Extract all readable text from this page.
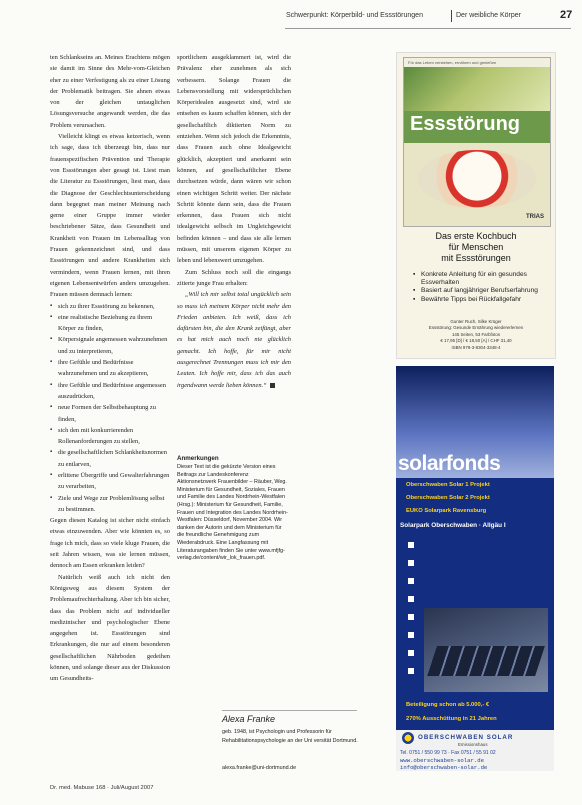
Schwerpunkt: Körperbild- und Essstörungen	Der weibliche Körper	27

ten Schlankseins an. Meines Erachtens mögen sie damit im Sinne des Mehr-vom-Gleichen eher zu einer Verfestigung als zu einer Lösung der Problematik beitragen. Sie ahnen etwas von der gleichen untauglichen Lösungsversuche angewandt werden, die das Problem verursachen.

Vielleicht klingt es etwas ketzerisch, wenn ich sage, dass ich überzeugt bin, dass nur frauenspezifischen Prävention und Therapie von Essstörungen aber gesagt ist. Liest man die Literatur zu Essstörungen, liest man, dass die Diagnose der Geschlechtsunterscheidung dann begegnet man meiner Meinung nach gerne einer Gruppe immer wieder beschriebener Sätze, dass Gesundheit und Krankheit von Frauen im Lebensalltag von Frauen gekennzeichnet sind, und dass Essstörungen und andere Krankheiten sich vermindern, wenn Frauen lernen, mit ihren eigenen Lebensentwürfen anders umzugehen. Frauen müssen demnach lernen:

▪ sich zu ihrer Essstörung zu bekennen,
▪ eine realistische Beziehung zu ihrem Körper zu finden,
▪ Körpersignale angemessen wahrzunehmen und zu interpretieren,
▪ ihre Gefühle und Bedürfnisse wahrzunehmen und zu akzeptieren,
▪ ihre Gefühle und Bedürfnisse angemessen auszudrücken,
▪ neue Formen der Selbstbehauptung zu finden,
▪ sich den mit konkurrierenden Rollenanforderungen zu stellen,
▪ die gesellschaftlichen Schlankheitsnormen zu entlarven,
▪ erlittene Übergriffe und Gewalterfahrungen zu verarbeiten,
▪ Ziele und Wege zur Problemlösung selbst zu bestimmen.

Gegen diesen Katalog ist sicher nicht einfach etwas einzuwenden. Aber wie könnten es, so frage ich mich, dass so viele kluge Frauen, die seit Jahren wissen, was sie lernen müssen, dennoch am Essen erkranken leiden?

Natürlich weiß auch ich nicht den Königsweg aus diesem System der Problemaufrechterhaltung. Aber ich bin sicher, dass das Problem nicht auf individueller medizinischer und psychologischer Ebene angegehen ist. Essstörungen sind Erkrankungen, die nur auf einem besonderen gesellschaftlichen Nährboden gedeihen können, und solange dieser aus der Diskussion um Gesundheits-

sportlichem ausgeklammert ist, wird die Prävalenz eher zunehmen als sich verbessern. Solange Frauen die Lebensvorstellung mit widersprüchlichen Körperidealen ausgesetzt sind, wird sie entsehen es kaum schaffen können, sich der gesellschaftlich diktierten Norm zu entziehen. Wenn sich jedoch die Erkenntnis, dass Frauen auch ohne Idealgewicht glücklich, akzeptiert und anerkannt sein können, auf gesellschaftlicher Ebene durchsetzen würde, dann wären wir schon einen wichtigen Schritt weiter. Der nächste Schritt könnte dann sein, dass die Frauen erkennen, dass Frauen sich nicht idealgewicht selbsch im Ungleichgewicht befinden können – und dass sie alle lernen müssen, mit unserem eigenen Körper zu leben und lebenswert umzugehen.

Zum Schluss noch soll die eingangs zitierte junge Frau erhalten:

„Will ich mir selbst total ungücklich sein so muss ich meinem Körper nicht mehr den Frieden anbieten. Ich weiß, dass ich dafürsten bin, die den Krank zeifüngt, aber es hat mich auch noch nie glücklich gemacht. Ich hoffe, für mir nicht ausgerechnet Trennungen muss ich mir den Leuten. Ich hoffe mir, dass ich das auch irgendwann werde lieben können.“

Anmerkungen

Dieser Text ist die gekürzte Version eines Beitrags zur Landeskonferenz Aktionsnetzwerk Frauenbilder – Räuber, Weg. Ministerium für Gesundheit, Soziales, Frauen und Familie des Landes Nordrhein-Westfalen (Hrsg.): Ministerium für Gesundheit, Familie, Frauen und Integration des Landes Nordrhein-Westfalen: Düsseldorf, November 2004. Wir danken der Autorin und dem Ministerium für die freundliche Genehmigung zum Wiederabdruck. Eine Langfassung mit Literaturangaben finden Sie unter www.mfjfg-verlag.de/content/wir_lok_frauen.pdf.

Alexa Franke
geb. 1948, ist Psychologin und Professorin für Rehabilitationspsychologie an der Uni versität Dortmund.
alexa.franke@uni-dortmund.de
Dr. med. Mabuse 168 · Juli/August 2007
Für das Leben verstehen, ernähren und genießen
Essstörung
TRIAS
Das erste Kochbuch
für Menschen
mit Essstörungen
▪ Konkrete Anleitung für ein gesundes Essverhalten
▪ Basiert auf langjähriger Berufserfahrung
▪ Bewährte Tipps bei Rückfallgefahr
Gunter Ruch, Silke Krüger
Essstörung: Gesunde Ernährung wiedererlernen
145 Seiten, 53 Farbfotos
€ 17,95 [D] / € 18,50 [A] / CHF 31,40
ISBN 978-3-8304-3348-4
solarfonds
Oberschwaben Solar 1 Projekt
Oberschwaben Solar 2 Projekt
EUKO Solarpark Ravensburg
Solarpark Oberschwaben · Allgäu I
Beteiligung schon ab 5.000,- €
270% Ausschüttung in 21 Jahren
OBERSCHWABEN SOLAR
Emissionshaus
Tel. 0751 / 550 99 73 · Fax 0751 / 55 91 02
www.oberschwaben-solar.de
info@oberschwaben-solar.de
